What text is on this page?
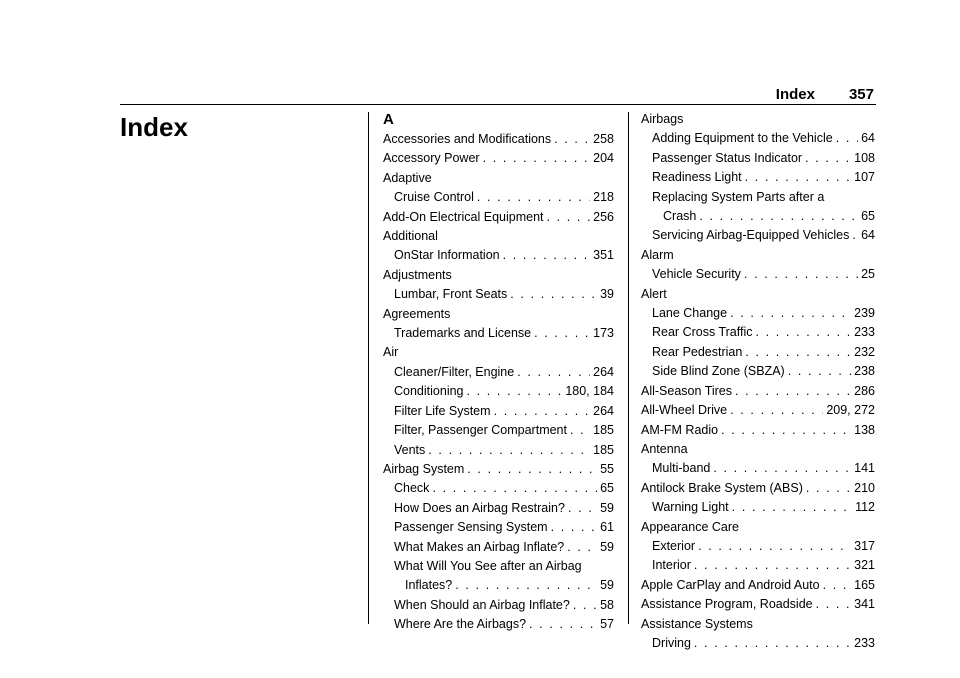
Index 357
Index	A
Accessories and Modifications . . .	258
Accessory Power . . .	204
Adaptive
Cruise Control . . .	218
Add-On Electrical Equipment . . .	256
Additional
OnStar Information . . .	351
Adjustments
Lumbar, Front Seats . . .	39
Agreements
Trademarks and License . . .	173
Air
Cleaner/Filter, Engine . . .	264
Conditioning . . .	180, 184
Filter Life System . . .	264
Filter, Passenger Compartment . . . 185
Vents . . .	185
Airbag System . . .	55
Check . . .	65
How Does an Airbag Restrain? . . .	59
Passenger Sensing System . . .	61
What Makes an Airbag Inflate? . . .	59
What Will You See after an Airbag
Inflates? . . .	59
When Should an Airbag Inflate? . . . 58
Where Are the Airbags? . . .	57
Airbags
Adding Equipment to the Vehicle . . . 64
Passenger Status Indicator . . .	108
Readiness Light . . .	107
Replacing System Parts after a
Crash . . .	65
Servicing Airbag-Equipped Vehicles . . . 64
Alarm
Vehicle Security . . .	25
Alert
Lane Change . . .	239
Rear Cross Traffic . . .	233
Rear Pedestrian . . .	232
Side Blind Zone (SBZA) . . .	238
All-Season Tires . . .	286
All-Wheel Drive . . .	209, 272
AM-FM Radio . . .	138
Antenna
Multi-band . . .	141
Antilock Brake System (ABS) . . .	210
Warning Light . . .	112
Appearance Care
Exterior . . .	317
Interior . . .	321
Apple CarPlay and Android Auto . . .	165
Assistance Program, Roadside . . .	341
Assistance Systems
Driving . . .	233
